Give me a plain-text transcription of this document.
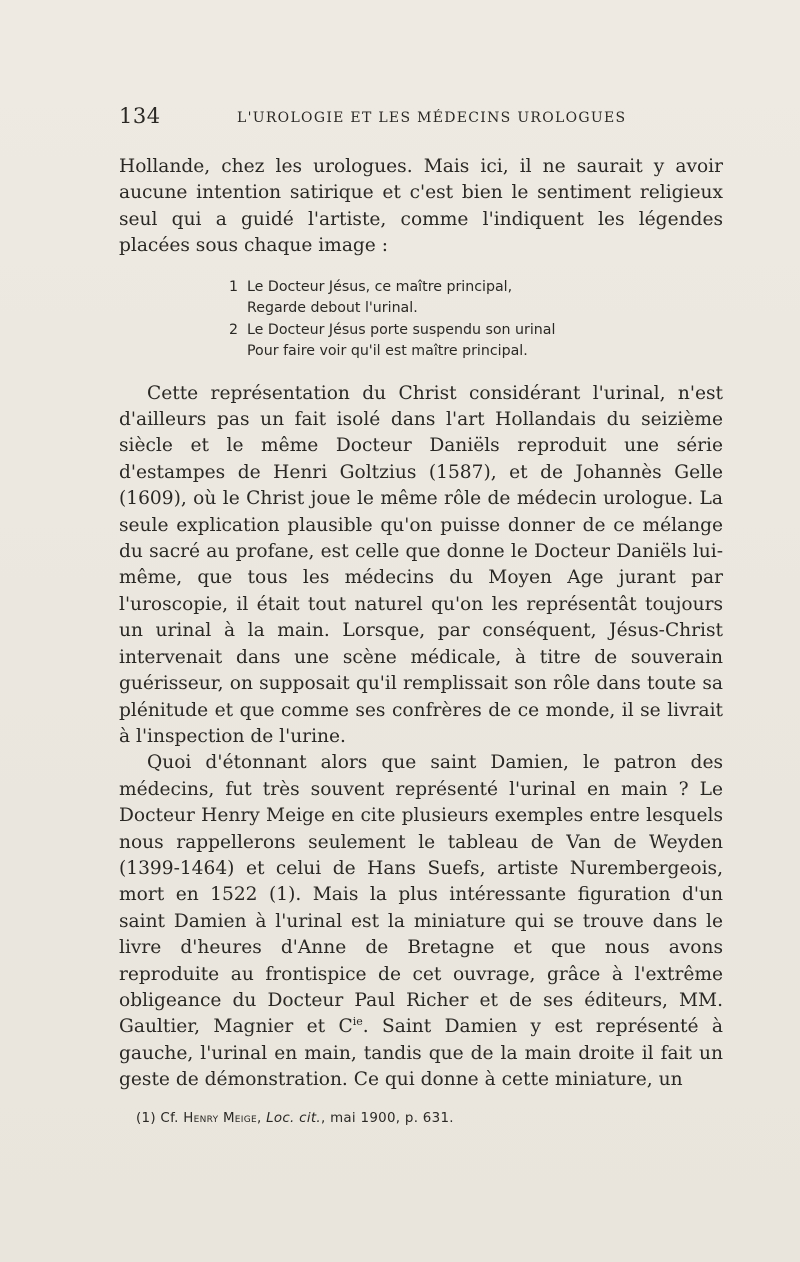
134	L'UROLOGIE ET LES MÉDECINS UROLOGUES

Hollande, chez les urologues. Mais ici, il ne saurait y avoir aucune intention satirique et c'est bien le sentiment religieux seul qui a guidé l'artiste, comme l'indiquent les légendes placées sous chaque image :

1 Le Docteur Jésus, ce maître principal,
Regarde debout l'urinal.
2 Le Docteur Jésus porte suspendu son urinal
Pour faire voir qu'il est maître principal.

Cette représentation du Christ considérant l'urinal, n'est d'ailleurs pas un fait isolé dans l'art Hollandais du seizième siècle et le même Docteur Daniëls reproduit une série d'estampes de Henri Goltzius (1587), et de Johannès Gelle (1609), où le Christ joue le même rôle de médecin urologue. La seule explication plausible qu'on puisse donner de ce mélange du sacré au profane, est celle que donne le Docteur Daniëls lui-même, que tous les médecins du Moyen Age jurant par l'uroscopie, il était tout naturel qu'on les représentât toujours un urinal à la main. Lorsque, par conséquent, Jésus-Christ intervenait dans une scène médicale, à titre de souverain guérisseur, on supposait qu'il remplissait son rôle dans toute sa plénitude et que comme ses confrères de ce monde, il se livrait à l'inspection de l'urine.

Quoi d'étonnant alors que saint Damien, le patron des médecins, fut très souvent représenté l'urinal en main ? Le Docteur Henry Meige en cite plusieurs exemples entre lesquels nous rappellerons seulement le tableau de Van de Weyden (1399-1464) et celui de Hans Suefs, artiste Nurembergeois, mort en 1522 (1). Mais la plus intéressante figuration d'un saint Damien à l'urinal est la miniature qui se trouve dans le livre d'heures d'Anne de Bretagne et que nous avons reproduite au frontispice de cet ouvrage, grâce à l'extrême obligeance du Docteur Paul Richer et de ses éditeurs, MM. Gaultier, Magnier et $C^{ie}$. Saint Damien y est représenté à gauche, l'urinal en main, tandis que de la main droite il fait un geste de démonstration. Ce qui donne à cette miniature, un

(1) Cf. Henry Meige, Loc. cit., mai 1900, p. 631.
